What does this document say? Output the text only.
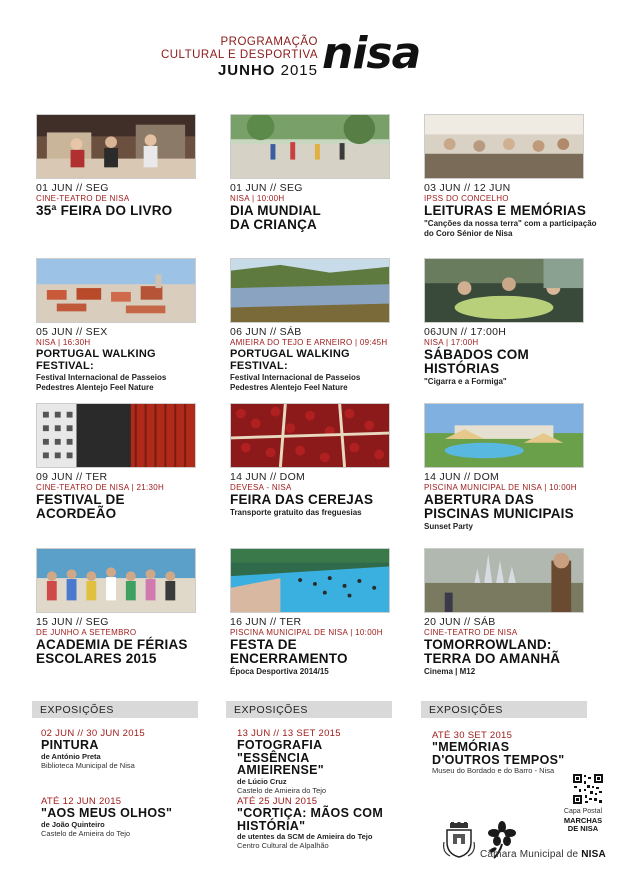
PROGRAMAÇÃO
CULTURAL E DESPORTIVA
JUNHO 2015 nisa
01 JUN // SEG
CINE-TEATRO DE NISA
35ª FEIRA DO LIVRO
01 JUN // SEG
NISA | 10:00H
DIA MUNDIAL DA CRIANÇA
03 JUN // 12 JUN
IPSS DO CONCELHO
LEITURAS E MEMÓRIAS
"Canções da nossa terra" com a participação do Coro Sénior de Nisa
05 JUN // SEX
NISA | 16:30H
PORTUGAL WALKING FESTIVAL:
Festival Internacional de Passeios Pedestres Alentejo Feel Nature
06 JUN // SÁB
AMIEIRA DO TEJO E ARNEIRO | 09:45H
PORTUGAL WALKING FESTIVAL:
Festival Internacional de Passeios Pedestres Alentejo Feel Nature
06JUN // 17:00H
NISA | 17:00H
SÁBADOS COM HISTÓRIAS
"Cigarra e a Formiga"
09 JUN // TER
CINE-TEATRO DE NISA | 21:30H
FESTIVAL DE ACORDEÃO
14 JUN // DOM
DEVESA - NISA
FEIRA DAS CEREJAS
Transporte gratuito das freguesias
14 JUN // DOM
PISCINA MUNICIPAL DE NISA | 10:00H
ABERTURA DAS PISCINAS MUNICIPAIS
Sunset Party
15 JUN // SEG
DE JUNHO A SETEMBRO
ACADEMIA DE FÉRIAS ESCOLARES 2015
16 JUN // TER
PISCINA MUNICIPAL DE NISA | 10:00H
FESTA DE ENCERRAMENTO
Época Desportiva 2014/15
20 JUN // SÁB
CINE-TEATRO DE NISA
TOMORROWLAND: TERRA DO AMANHÃ
Cinema | M12
EXPOSIÇÕES	EXPOSIÇÕES	EXPOSIÇÕES
02 JUN // 30 JUN 2015
PINTURA
de António Preta
Biblioteca Municipal de Nisa
13 JUN // 13 SET 2015
FOTOGRAFIA "ESSÊNCIA AMIEIRENSE"
de Lúcio Cruz
Castelo de Amieira do Tejo
ATÉ 30 SET 2015
"MEMÓRIAS D'OUTROS TEMPOS"
Museu do Bordado e do Barro - Nisa
ATÉ 12 JUN 2015
"AOS MEUS OLHOS"
de João Quinteiro
Castelo de Amieira do Tejo
ATÉ 25 JUN 2015
"CORTIÇA: MÃOS COM HISTÓRIA"
de utentes da SCM de Amieira do Tejo
Centro Cultural de Alpalhão
Capa Postal
MARCHAS
DE NISA
Câmara Municipal de NISA
